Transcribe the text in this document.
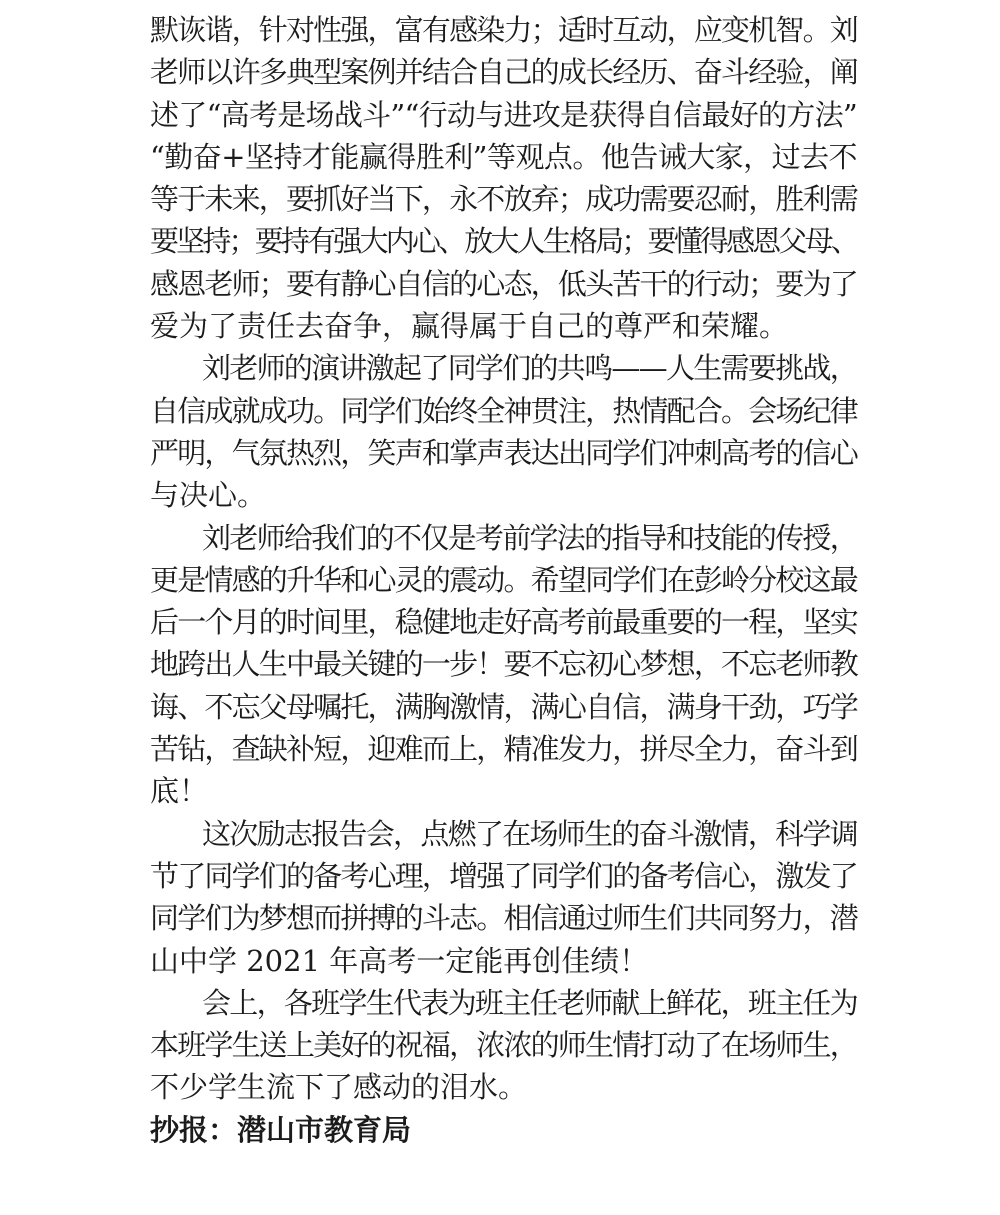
默诙谐，针对性强，富有感染力；适时互动，应变机智。刘
老师以许多典型案例并结合自己的成长经历、奋斗经验，阐
述了“高考是场战斗”“行动与进攻是获得自信最好的方法”
“勤奋+坚持才能赢得胜利”等观点。他告诫大家，过去不
等于未来，要抓好当下，永不放弃；成功需要忍耐，胜利需
要坚持；要持有强大内心、放大人生格局；要懂得感恩父母、
感恩老师；要有静心自信的心态，低头苦干的行动；要为了
爱为了责任去奋争，赢得属于自己的尊严和荣耀。
刘老师的演讲激起了同学们的共鸣——人生需要挑战，
自信成就成功。同学们始终全神贯注，热情配合。会场纪律
严明，气氛热烈，笑声和掌声表达出同学们冲刺高考的信心
与决心。
刘老师给我们的不仅是考前学法的指导和技能的传授，
更是情感的升华和心灵的震动。希望同学们在彭岭分校这最
后一个月的时间里，稳健地走好高考前最重要的一程，坚实
地跨出人生中最关键的一步！要不忘初心梦想，不忘老师教
诲、不忘父母嘱托，满胸激情，满心自信，满身干劲，巧学
苦钻，查缺补短，迎难而上，精准发力，拼尽全力，奋斗到
底！
这次励志报告会，点燃了在场师生的奋斗激情，科学调
节了同学们的备考心理，增强了同学们的备考信心，激发了
同学们为梦想而拼搏的斗志。相信通过师生们共同努力，潜
山中学 2021 年高考一定能再创佳绩！
会上，各班学生代表为班主任老师献上鲜花，班主任为
本班学生送上美好的祝福，浓浓的师生情打动了在场师生，
不少学生流下了感动的泪水。
抄报：潜山市教育局
